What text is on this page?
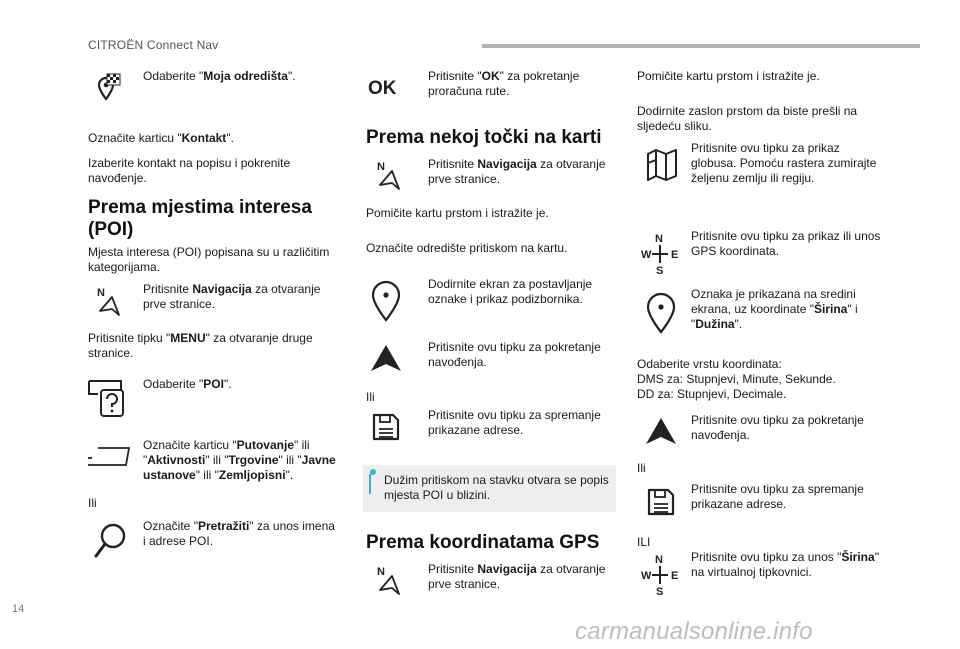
CITROËN Connect Nav

Odaberite "Moja odredišta".

Označite karticu "Kontakt".

Izaberite kontakt na popisu i pokrenite navođenje.

Prema mjestima interesa (POI)

Mjesta interesa (POI) popisana su u različitim kategorijama.

N	Pritisnite Navigacija za otvaranje prve stranice.

Pritisnite tipku "MENU" za otvaranje druge stranice.

Odaberite "POI".

Označite karticu "Putovanje" ili "Aktivnosti" ili "Trgovine" ili "Javne ustanove" ili "Zemljopisni".

Ili

Označite "Pretražiti" za unos imena i adrese POI.

OK

Pritisnite "OK" za pokretanje proračuna rute.

Prema nekoj točki na karti
N	Pritisnite Navigacija za otvaranje prve stranice.

Pomičite kartu prstom i istražite je.

Označite odredište pritiskom na kartu.

Dodirnite ekran za postavljanje oznake i prikaz podizbornika.

Pritisnite ovu tipku za pokretanje navođenja.

Ili

Pritisnite ovu tipku za spremanje prikazane adrese.

Dužim pritiskom na stavku otvara se popis mjesta POI u blizini.

Prema koordinatama GPS
N	Pritisnite Navigacija za otvaranje prve stranice.

Pomičite kartu prstom i istražite je.

Dodirnite zaslon prstom da biste prešli na sljedeću sliku.

Pritisnite ovu tipku za prikaz globusa. Pomoću rastera zumirajte željenu zemlju ili regiju.

N
W E
S

Pritisnite ovu tipku za prikaz ili unos GPS koordinata.

Oznaka je prikazana na sredini ekrana, uz koordinate "Širina" i "Dužina".

Odaberite vrstu koordinata:

DMS za: Stupnjevi, Minute, Sekunde.

DD za: Stupnjevi, Decimale.

Pritisnite ovu tipku za pokretanje navođenja.

Ili

Pritisnite ovu tipku za spremanje prikazane adrese.

ILI

N
W E
S

Pritisnite ovu tipku za unos "Širina" na virtualnoj tipkovnici.

14
carmanualsonline.info
